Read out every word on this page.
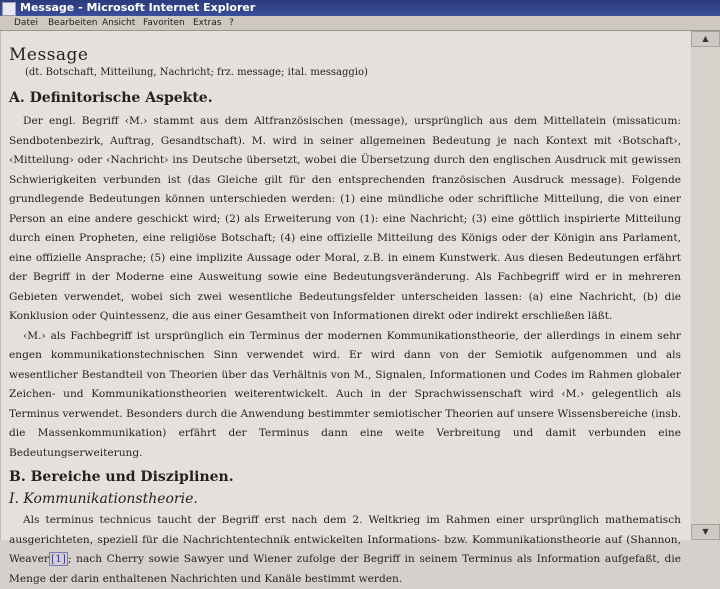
Message - Microsoft Internet Explorer
Datei Bearbeiten Ansicht Favoriten Extras ?
Message
(dt. Botschaft, Mitteilung, Nachricht; frz. message; ital. messaggio)
A. Definitorische Aspekte.
Der engl. Begriff ‹M.› stammt aus dem Altfranzösischen (message), ursprünglich aus dem Mittellatein (missaticum: Sendbotenbezirk, Auftrag, Gesandtschaft). M. wird in seiner allgemeinen Bedeutung je nach Kontext mit ‹Botschaft›, ‹Mitteilung› oder ‹Nachricht› ins Deutsche übersetzt, wobei die Übersetzung durch den englischen Ausdruck mit gewissen Schwierigkeiten verbunden ist (das Gleiche gilt für den entsprechenden französischen Ausdruck message). Folgende grundlegende Bedeutungen können unterschieden werden: (1) eine mündliche oder schriftliche Mitteilung, die von einer Person an eine andere geschickt wird; (2) als Erweiterung von (1): eine Nachricht; (3) eine göttlich inspirierte Mitteilung durch einen Propheten, eine religiöse Botschaft; (4) eine offizielle Mitteilung des Königs oder der Königin ans Parlament, eine offizielle Ansprache; (5) eine implizite Aussage oder Moral, z.B. in einem Kunstwerk. Aus diesen Bedeutungen erfährt der Begriff in der Moderne eine Ausweitung sowie eine Bedeutungsveränderung. Als Fachbegriff wird er in mehreren Gebieten verwendet, wobei sich zwei wesentliche Bedeutungsfelder unterscheiden lassen: (a) eine Nachricht, (b) die Konklusion oder Quintessenz, die aus einer Gesamtheit von Informationen direkt oder indirekt erschließen läßt.
‹M.› als Fachbegriff ist ursprünglich ein Terminus der modernen Kommunikationstheorie, der allerdings in einem sehr engen kommunikationstechnischen Sinn verwendet wird. Er wird dann von der Semiotik aufgenommen und als wesentlicher Bestandteil von Theorien über das Verhältnis von M., Signalen, Informationen und Codes im Rahmen globaler Zeichen- und Kommunikationstheorien weiterentwickelt. Auch in der Sprachwissenschaft wird ‹M.› gelegentlich als Terminus verwendet. Besonders durch die Anwendung bestimmter semiotischer Theorien auf unsere Wissensbereiche (insb. die Massenkommunikation) erfährt der Terminus dann eine weite Verbreitung und damit verbunden eine Bedeutungserweiterung.
B. Bereiche und Disziplinen.
I. Kommunikationstheorie.
Als terminus technicus taucht der Begriff erst nach dem 2. Weltkrieg im Rahmen einer ursprünglich mathematisch ausgerichteten, speziell für die Nachrichtentechnik entwickelten Informations- bzw. Kommunikationstheorie auf (Shannon, Weaver [1] ; nach Cherry sowie Sawyer und Wiener zufolge der Begriff in seinem Terminus als Information aufgefaßt, die Menge der darin enthaltenen Nachrichten und Kanäle bestimmt werden.
▲
▼
